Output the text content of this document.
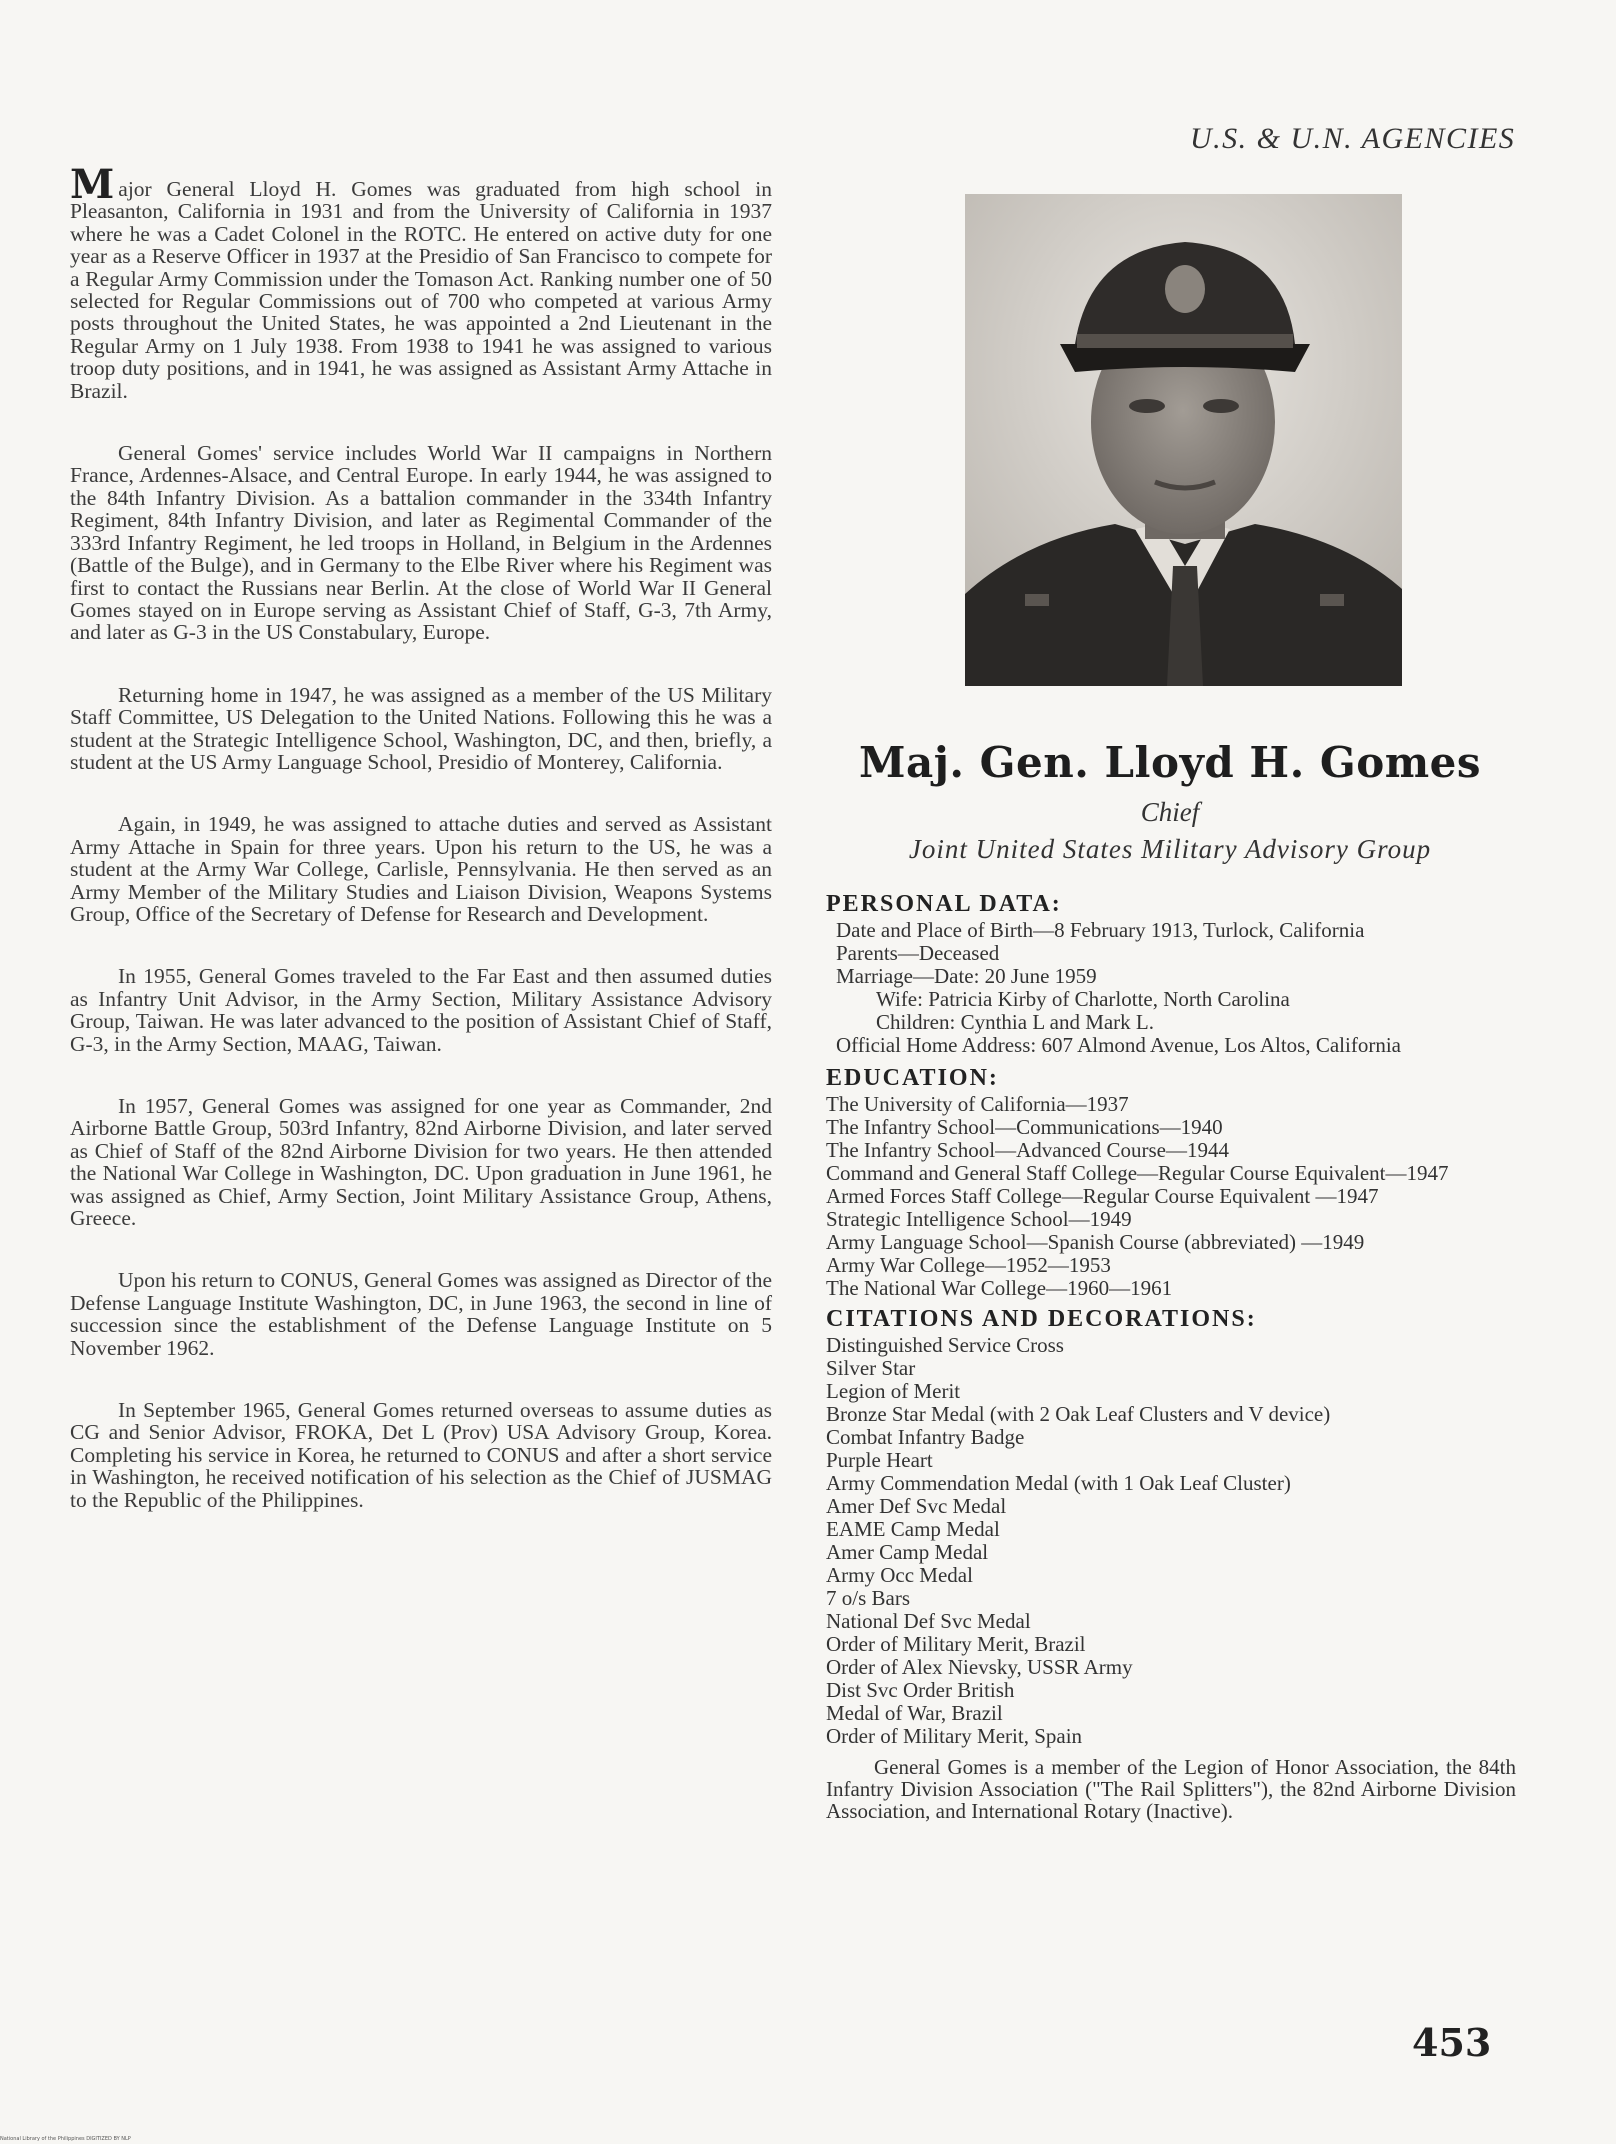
U.S. & U.N. AGENCIES

Major General Lloyd H. Gomes was graduated from high school in Pleasanton, California in 1931 and from the University of California in 1937 where he was a Cadet Colonel in the ROTC. He entered on active duty for one year as a Reserve Officer in 1937 at the Presidio of San Francisco to compete for a Regular Army Commission under the Tomason Act. Ranking number one of 50 selected for Regular Commissions out of 700 who competed at various Army posts throughout the United States, he was appointed a 2nd Lieutenant in the Regular Army on 1 July 1938. From 1938 to 1941 he was assigned to various troop duty positions, and in 1941, he was assigned as Assistant Army Attache in Brazil.

General Gomes' service includes World War II campaigns in Northern France, Ardennes-Alsace, and Central Europe. In early 1944, he was assigned to the 84th Infantry Division. As a battalion commander in the 334th Infantry Regiment, 84th Infantry Division, and later as Regimental Commander of the 333rd Infantry Regiment, he led troops in Holland, in Belgium in the Ardennes (Battle of the Bulge), and in Germany to the Elbe River where his Regiment was first to contact the Russians near Berlin. At the close of World War II General Gomes stayed on in Europe serving as Assistant Chief of Staff, G-3, 7th Army, and later as G-3 in the US Constabulary, Europe.

Returning home in 1947, he was assigned as a member of the US Military Staff Committee, US Delegation to the United Nations. Following this he was a student at the Strategic Intelligence School, Washington, DC, and then, briefly, a student at the US Army Language School, Presidio of Monterey, California.

Again, in 1949, he was assigned to attache duties and served as Assistant Army Attache in Spain for three years. Upon his return to the US, he was a student at the Army War College, Carlisle, Pennsylvania. He then served as an Army Member of the Military Studies and Liaison Division, Weapons Systems Group, Office of the Secretary of Defense for Research and Development.

In 1955, General Gomes traveled to the Far East and then assumed duties as Infantry Unit Advisor, in the Army Section, Military Assistance Advisory Group, Taiwan. He was later advanced to the position of Assistant Chief of Staff, G-3, in the Army Section, MAAG, Taiwan.

In 1957, General Gomes was assigned for one year as Commander, 2nd Airborne Battle Group, 503rd Infantry, 82nd Airborne Division, and later served as Chief of Staff of the 82nd Airborne Division for two years. He then attended the National War College in Washington, DC. Upon graduation in June 1961, he was assigned as Chief, Army Section, Joint Military Assistance Group, Athens, Greece.

Upon his return to CONUS, General Gomes was assigned as Director of the Defense Language Institute Washington, DC, in June 1963, the second in line of succession since the establishment of the Defense Language Institute on 5 November 1962.

In September 1965, General Gomes returned overseas to assume duties as CG and Senior Advisor, FROKA, Det L (Prov) USA Advisory Group, Korea. Completing his service in Korea, he returned to CONUS and after a short service in Washington, he received notification of his selection as the Chief of JUSMAG to the Republic of the Philippines.

Maj. Gen. Lloyd H. Gomes

Chief
Joint United States Military Advisory Group

PERSONAL DATA:

Date and Place of Birth—8 February 1913, Turlock, California

Parents—Deceased

Marriage—Date: 20 June 1959

Wife: Patricia Kirby of Charlotte, North Carolina

Children: Cynthia L and Mark L.

Official Home Address: 607 Almond Avenue, Los Altos, California

EDUCATION:

The University of California—1937

The Infantry School—Communications—1940

The Infantry School—Advanced Course—1944

Command and General Staff College—Regular Course Equivalent—1947

Armed Forces Staff College—Regular Course Equivalent —1947

Strategic Intelligence School—1949

Army Language School—Spanish Course (abbreviated) —1949

Army War College—1952—1953

The National War College—1960—1961

CITATIONS AND DECORATIONS:

Distinguished Service Cross

Silver Star

Legion of Merit

Bronze Star Medal (with 2 Oak Leaf Clusters and V device)

Combat Infantry Badge

Purple Heart

Army Commendation Medal (with 1 Oak Leaf Cluster)

Amer Def Svc Medal

EAME Camp Medal

Amer Camp Medal

Army Occ Medal

7 o/s Bars

National Def Svc Medal

Order of Military Merit, Brazil

Order of Alex Nievsky, USSR Army

Dist Svc Order British

Medal of War, Brazil

Order of Military Merit, Spain

General Gomes is a member of the Legion of Honor Association, the 84th Infantry Division Association ("The Rail Splitters"), the 82nd Airborne Division Association, and International Rotary (Inactive).

453
National Library of the Philippines DIGITIZED BY NLP
